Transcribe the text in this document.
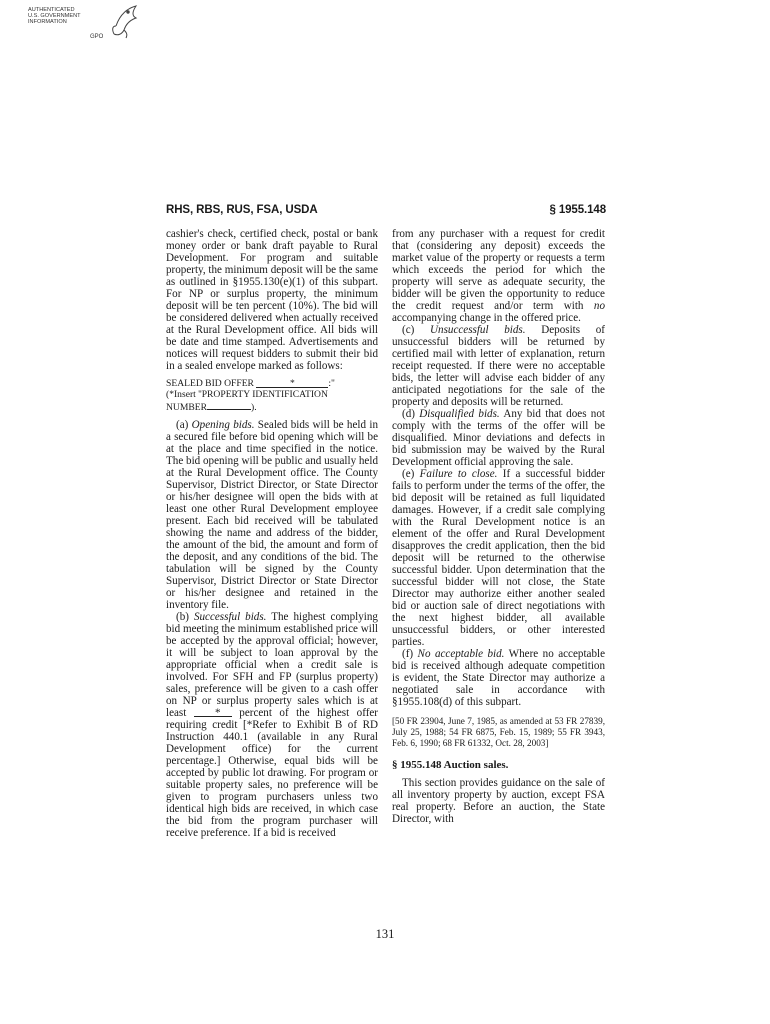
AUTHENTICATED
U.S. GOVERNMENT
INFORMATION
GPO
RHS, RBS, RUS, FSA, USDA	§ 1955.148

cashier's check, certified check, postal or bank money order or bank draft payable to Rural Development. For program and suitable property, the minimum deposit will be the same as outlined in §1955.130(e)(1) of this subpart. For NP or surplus property, the minimum deposit will be ten percent (10%). The bid will be considered delivered when actually received at the Rural Development office. All bids will be date and time stamped. Advertisements and notices will request bidders to submit their bid in a sealed envelope marked as follows:

SEALED BID OFFER	*	:"
(*Insert ''PROPERTY IDENTIFICATION
NUMBER	).

(a) Opening bids. Sealed bids will be held in a secured file before bid opening which will be at the place and time specified in the notice. The bid opening will be public and usually held at the Rural Development office. The County Supervisor, District Director, or State Director or his/her designee will open the bids with at least one other Rural Development employee present. Each bid received will be tabulated showing the name and address of the bidder, the amount of the bid, the amount and form of the deposit, and any conditions of the bid. The tabulation will be signed by the County Supervisor, District Director or State Director or his/her designee and retained in the inventory file.

(b) Successful bids. The highest complying bid meeting the minimum established price will be accepted by the approval official; however, it will be subject to loan approval by the appropriate official when a credit sale is involved. For SFH and FP (surplus property) sales, preference will be given to a cash offer on NP or surplus property sales which is at least * percent of the highest offer requiring credit [*Refer to Exhibit B of RD Instruction 440.1 (available in any Rural Development office) for the current percentage.] Otherwise, equal bids will be accepted by public lot drawing. For program or suitable property sales, no preference will be given to program purchasers unless two identical high bids are received, in which case the bid from the program purchaser will receive preference. If a bid is received

from any purchaser with a request for credit that (considering any deposit) exceeds the market value of the property or requests a term which exceeds the period for which the property will serve as adequate security, the bidder will be given the opportunity to reduce the credit request and/or term with no accompanying change in the offered price.

(c) Unsuccessful bids. Deposits of unsuccessful bidders will be returned by certified mail with letter of explanation, return receipt requested. If there were no acceptable bids, the letter will advise each bidder of any anticipated negotiations for the sale of the property and deposits will be returned.

(d) Disqualified bids. Any bid that does not comply with the terms of the offer will be disqualified. Minor deviations and defects in bid submission may be waived by the Rural Development official approving the sale.

(e) Failure to close. If a successful bidder fails to perform under the terms of the offer, the bid deposit will be retained as full liquidated damages. However, if a credit sale complying with the Rural Development notice is an element of the offer and Rural Development disapproves the credit application, then the bid deposit will be returned to the otherwise successful bidder. Upon determination that the successful bidder will not close, the State Director may authorize either another sealed bid or auction sale of direct negotiations with the next highest bidder, all available unsuccessful bidders, or other interested parties.

(f) No acceptable bid. Where no acceptable bid is received although adequate competition is evident, the State Director may authorize a negotiated sale in accordance with §1955.108(d) of this subpart.

[50 FR 23904, June 7, 1985, as amended at 53 FR 27839, July 25, 1988; 54 FR 6875, Feb. 15, 1989; 55 FR 3943, Feb. 6, 1990; 68 FR 61332, Oct. 28, 2003]
§ 1955.148 Auction sales.

This section provides guidance on the sale of all inventory property by auction, except FSA real property. Before an auction, the State Director, with

131
